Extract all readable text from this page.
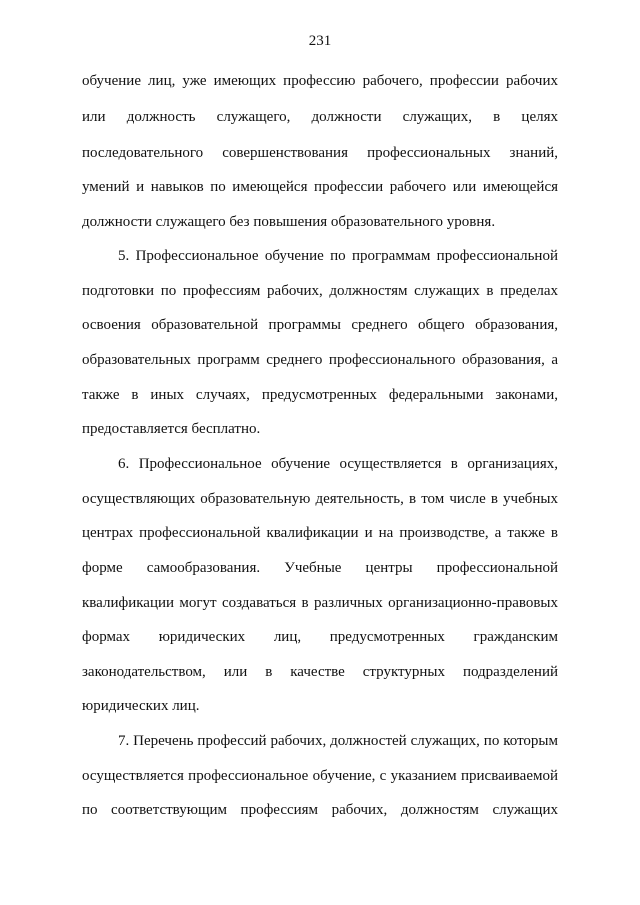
231
обучение лиц, уже имеющих профессию рабочего, профессии рабочих
или должность служащего, должности служащих, в целях
последовательного совершенствования профессиональных знаний,
умений и навыков по имеющейся профессии рабочего или имеющейся
должности служащего без повышения образовательного уровня.
5. Профессиональное обучение по программам профессиональной
подготовки по профессиям рабочих, должностям служащих в пределах
освоения образовательной программы среднего общего образования,
образовательных программ среднего профессионального образования, а
также в иных случаях, предусмотренных федеральными законами,
предоставляется бесплатно.
6. Профессиональное обучение осуществляется в организациях,
осуществляющих образовательную деятельность, в том числе в учебных
центрах профессиональной квалификации и на производстве, а также в
форме самообразования. Учебные центры профессиональной
квалификации могут создаваться в различных организационно-правовых
формах юридических лиц, предусмотренных гражданским
законодательством, или в качестве структурных подразделений
юридических лиц.
7. Перечень профессий рабочих, должностей служащих, по которым
осуществляется профессиональное обучение, с указанием присваиваемой
по соответствующим профессиям рабочих, должностям служащих
